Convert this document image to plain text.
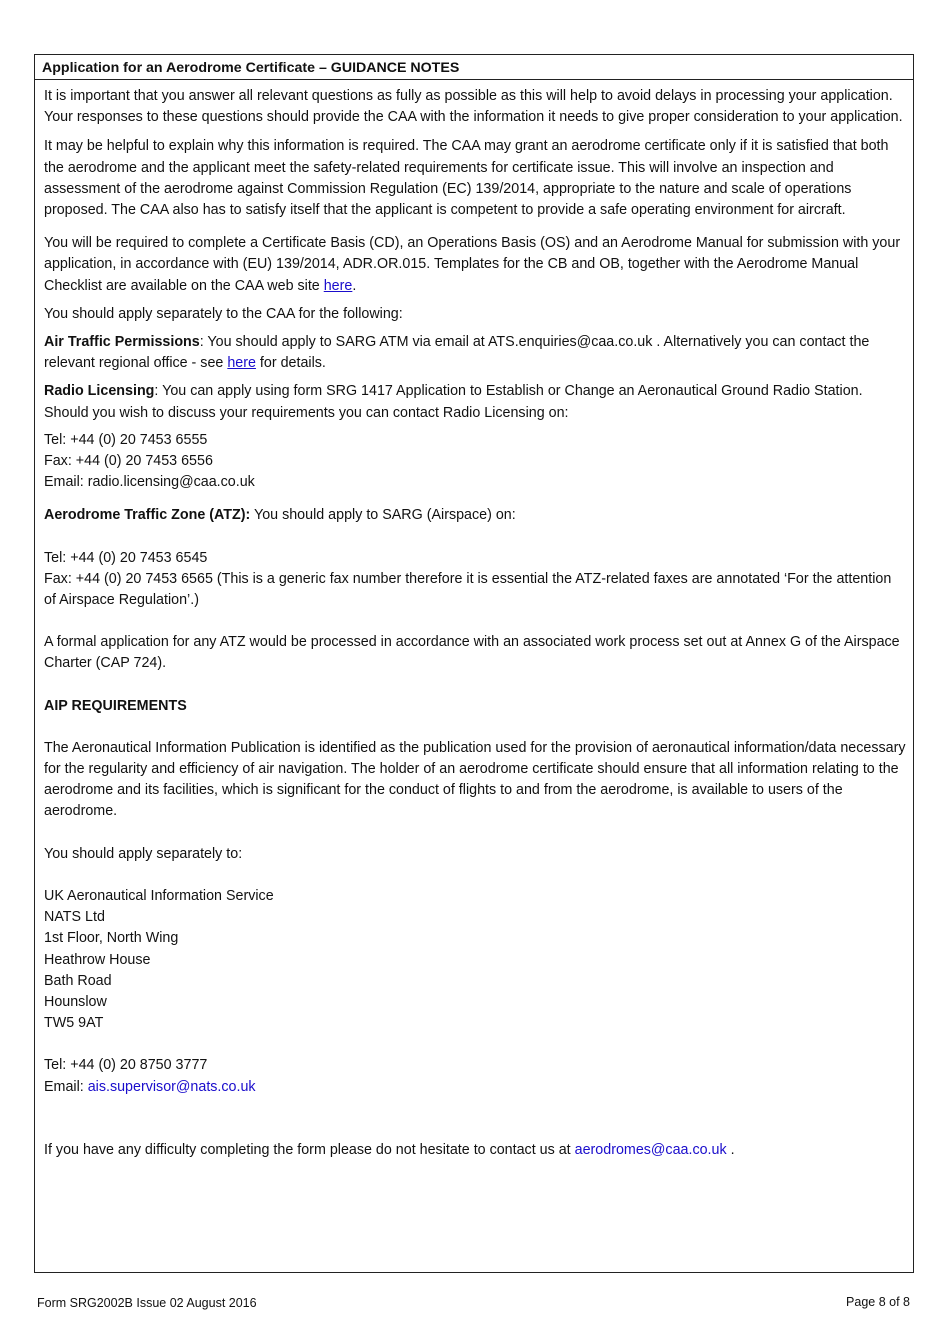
Application for an Aerodrome Certificate – GUIDANCE NOTES

It is important that you answer all relevant questions as fully as possible as this will help to avoid delays in processing your application. Your responses to these questions should provide the CAA with the information it needs to give proper consideration to your application.

It may be helpful to explain why this information is required. The CAA may grant an aerodrome certificate only if it is satisfied that both the aerodrome and the applicant meet the safety-related requirements for certificate issue. This will involve an inspection and assessment of the aerodrome against Commission Regulation (EC) 139/2014, appropriate to the nature and scale of operations proposed. The CAA also has to satisfy itself that the applicant is competent to provide a safe operating environment for aircraft.

You will be required to complete a Certificate Basis (CD), an Operations Basis (OS) and an Aerodrome Manual for submission with your application, in accordance with (EU) 139/2014, ADR.OR.015. Templates for the CB and OB, together with the Aerodrome Manual Checklist are available on the CAA web site here.

You should apply separately to the CAA for the following:

Air Traffic Permissions: You should apply to SARG ATM via email at ATS.enquiries@caa.co.uk . Alternatively you can contact the relevant regional office - see here for details.

Radio Licensing: You can apply using form SRG 1417 Application to Establish or Change an Aeronautical Ground Radio Station. Should you wish to discuss your requirements you can contact Radio Licensing on:

Tel: +44 (0) 20 7453 6555

Fax: +44 (0) 20 7453 6556

Email: radio.licensing@caa.co.uk

Aerodrome Traffic Zone (ATZ): You should apply to SARG (Airspace) on:

Tel: +44 (0) 20 7453 6545

Fax: +44 (0) 20 7453 6565 (This is a generic fax number therefore it is essential the ATZ-related faxes are annotated ‘For the attention of Airspace Regulation’.)

A formal application for any ATZ would be processed in accordance with an associated work process set out at Annex G of the Airspace Charter (CAP 724).

AIP REQUIREMENTS

The Aeronautical Information Publication is identified as the publication used for the provision of aeronautical information/data necessary for the regularity and efficiency of air navigation. The holder of an aerodrome certificate should ensure that all information relating to the aerodrome and its facilities, which is significant for the conduct of flights to and from the aerodrome, is available to users of the aerodrome.

You should apply separately to:

UK Aeronautical Information Service

NATS Ltd

1st Floor, North Wing

Heathrow House

Bath Road

Hounslow

TW5 9AT

Tel: +44 (0) 20 8750 3777

Email: ais.supervisor@nats.co.uk

If you have any difficulty completing the form please do not hesitate to contact us at aerodromes@caa.co.uk .

Form SRG2002B Issue 02 August 2016	Page 8 of 8
